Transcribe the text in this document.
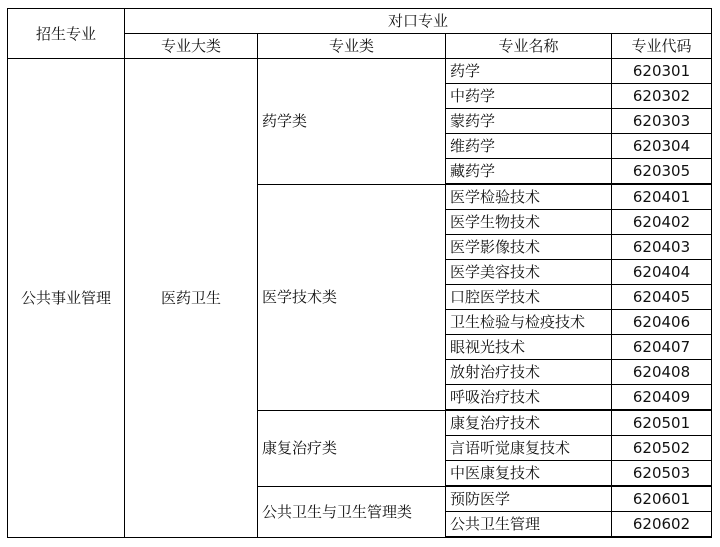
招生专业	对口专业			
	专业大类	专业类	专业名称	专业代码
公共事业管理	医药卫生	药学类	药学	620301
			中药学	620302
			蒙药学	620303
			维药学	620304
			藏药学	620305
		医学技术类	医学检验技术	620401
			医学生物技术	620402
			医学影像技术	620403
			医学美容技术	620404
			口腔医学技术	620405
			卫生检验与检疫技术	620406
			眼视光技术	620407
			放射治疗技术	620408
			呼吸治疗技术	620409
		康复治疗类	康复治疗技术	620501
			言语听觉康复技术	620502
			中医康复技术	620503
		公共卫生与卫生管理类	预防医学	620601
			公共卫生管理	620602
